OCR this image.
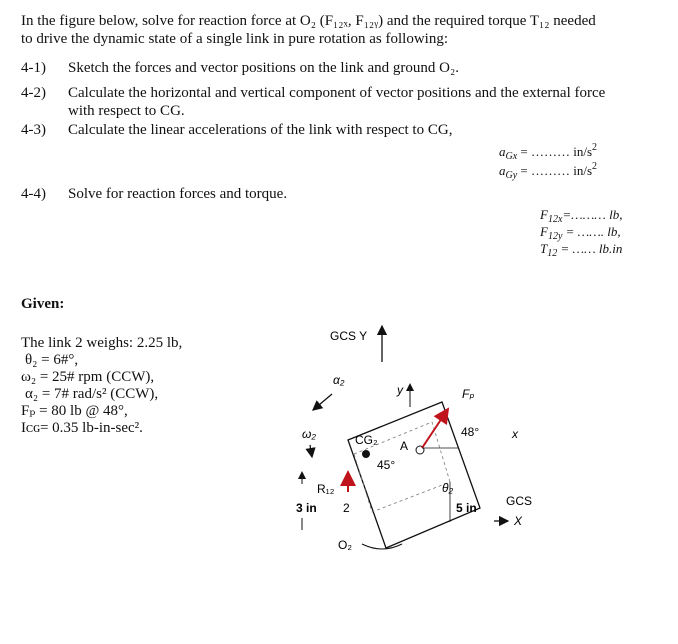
In the figure below, solve for reaction force at O₂ (F₁₂ₓ, F₁₂ᵧ) and the required torque T₁₂ needed
to drive the dynamic state of a single link in pure rotation as following:
4-1) Sketch the forces and vector positions on the link and ground O₂.
4-2) Calculate the horizontal and vertical component of vector positions and the external force
with respect to CG.
4-3) Calculate the linear accelerations of the link with respect to CG,
$a_{Gx}$ = ……… $in/s^2$
$a_{Gy}$ = ……… $in/s^2$
4-4) Solve for reaction forces and torque.
$F_{12x}=\dots\dots\dots$ lb,
$F_{12y}$ = ……. lb,
$T_{12}$ = …… lb.in
Given:
The link 2 weighs: 2.25 lb,
θ₂ = 6#°,
ω₂ = 25# rpm (CCW),
α₂ = 7# rad/s² (CCW),
Fₚ = 80 lb @ 48°,
Iᴄɢ= 0.35 lb-in-sec².
GCS Y
α₂
ω₂	CG₂ A
45°
y	Fₚ
48°	x
θ₂
R₁₂
3 in 2	5 in
O₂
GCS
X
